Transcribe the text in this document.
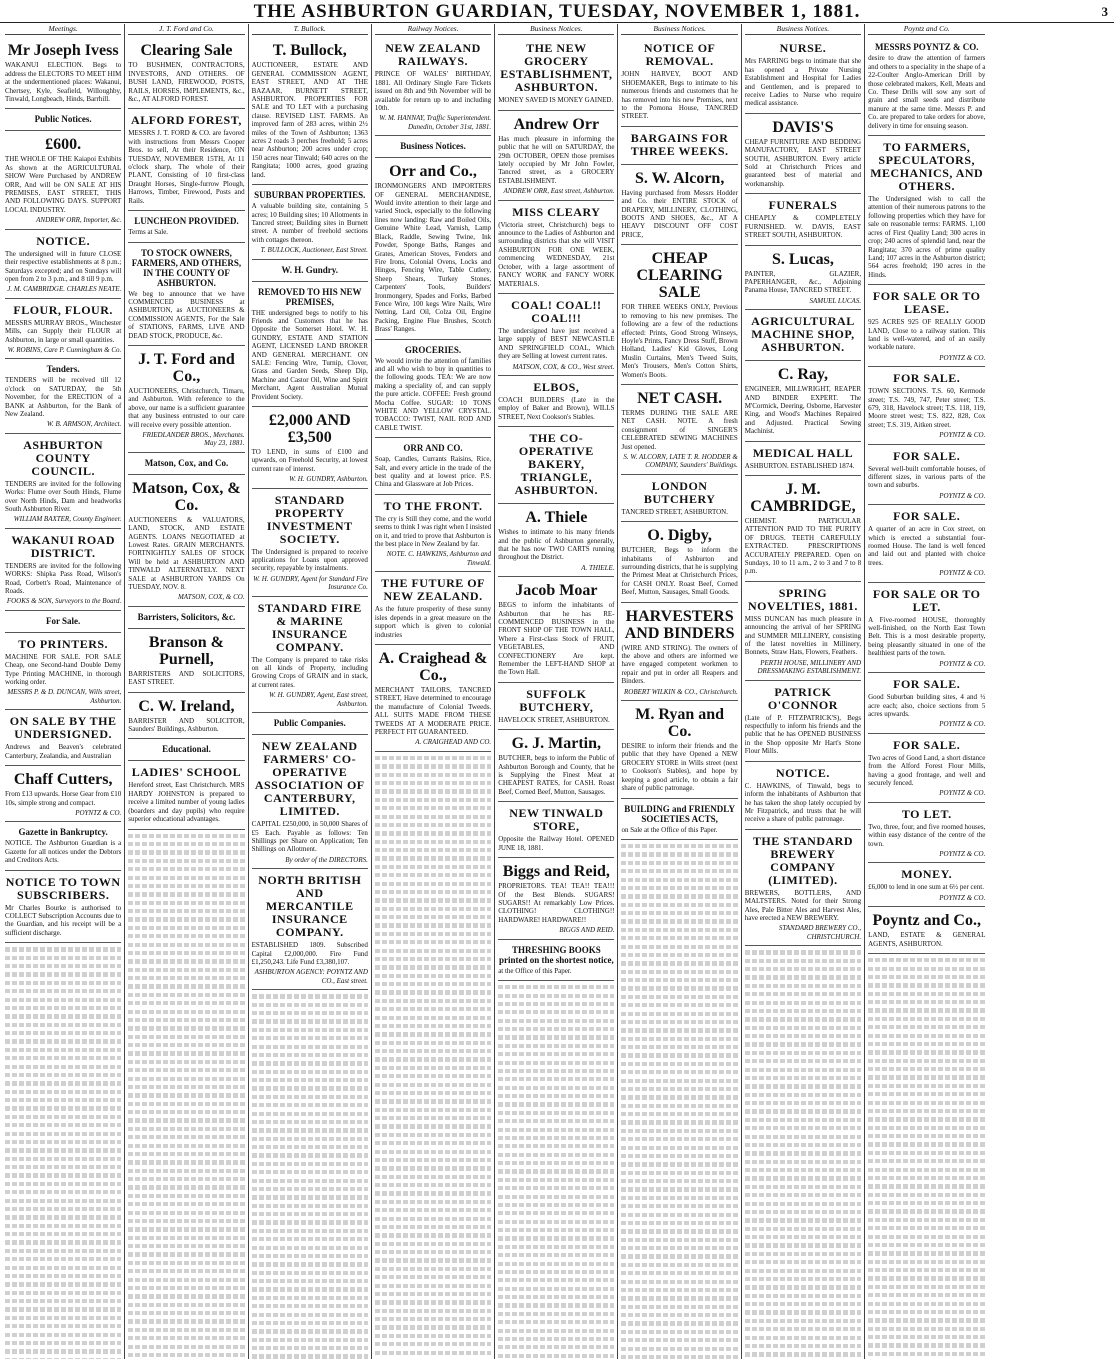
THE ASHBURTON GUARDIAN, TUESDAY, NOVEMBER 1, 1881.	3
Meetings.
Mr Joseph Ivess
WAKANUI ELECTION. Begs to address the ELECTORS TO MEET HIM at the undermentioned places: Wakanui, Chertsey, Kyle, Seafield, Willoughby, Tinwald, Longbeach, Hinds, Barrhill.
Public Notices.
£600.
THE WHOLE OF THE Kaiapoi Exhibits As shown at the AGRICULTURAL SHOW Were Purchased by ANDREW ORR, And will be ON SALE AT HIS PREMISES, EAST STREET, THIS AND FOLLOWING DAYS. SUPPORT LOCAL INDUSTRY.
ANDREW ORR, Importer, &c.
NOTICE.
The undersigned will in future CLOSE their respective establishments at 8 p.m.; Saturdays excepted; and on Sundays will open from 2 to 3 p.m., and 8 till 9 p.m.
J. M. CAMBRIDGE. CHARLES NEATE.
FLOUR, FLOUR.
MESSRS MURRAY BROS., Winchester Mills, can Supply their FLOUR at Ashburton, in large or small quantities.
W. ROBINS, Care P. Cunningham & Co.
Tenders.
TENDERS will be received till 12 o'clock on SATURDAY, the 5th November, for the ERECTION of a BANK at Ashburton, for the Bank of New Zealand.
W. B. ARMSON, Architect.
ASHBURTON COUNTY COUNCIL.
TENDERS are invited for the following Works: Flume over South Hinds, Flume over North Hinds, Dam and headworks South Ashburton River.
WILLIAM BAXTER, County Engineer.
WAKANUI ROAD DISTRICT.
TENDERS are invited for the following WORKS: Shipka Pass Road, Wilson's Road, Corbett's Road, Maintenance of Roads.
FOOKS & SON, Surveyors to the Board.
For Sale.
TO PRINTERS.
MACHINE FOR SALE. FOR SALE Cheap, one Second-hand Double Demy Type Printing MACHINE, in thorough working order.
MESSRS P. & D. DUNCAN, Wills street, Ashburton.
ON SALE BY THE UNDERSIGNED.
Andrews and Beaven's celebrated Canterbury, Zealandia, and Australian
Chaff Cutters,
From £13 upwards. Horse Gear from £10 10s, simple strong and compact.
POYNTZ & CO.
Gazette in Bankruptcy.
NOTICE. The Ashburton Guardian is a Gazette for all notices under the Debtors and Creditors Acts.
NOTICE TO TOWN SUBSCRIBERS.
Mr Charles Bourke is authorised to COLLECT Subscription Accounts due to the Guardian, and his receipt will be a sufficient discharge.
J. T. Ford and Co.
Clearing Sale
TO BUSHMEN, CONTRACTORS, INVESTORS, AND OTHERS. OF BUSH LAND, FIREWOOD, POSTS, RAILS, HORSES, IMPLEMENTS, &c., &c., AT ALFORD FOREST.
ALFORD FOREST,
MESSRS J. T. FORD & CO. are favored with instructions from Messrs Cooper Bros. to sell, At their Residence, ON TUESDAY, NOVEMBER 15TH, At 11 o'clock sharp, The whole of their PLANT, Consisting of 10 first-class Draught Horses, Single-furrow Plough, Harrows, Timber, Firewood, Posts and Rails.
LUNCHEON PROVIDED.
Terms at Sale.
TO STOCK OWNERS, FARMERS, AND OTHERS, IN THE COUNTY OF ASHBURTON.
We beg to announce that we have COMMENCED BUSINESS at ASHBURTON, as AUCTIONEERS & COMMISSION AGENTS, For the Sale of STATIONS, FARMS, LIVE AND DEAD STOCK, PRODUCE, &c.
J. T. Ford and Co.,
AUCTIONEERS, Christchurch, Timaru, and Ashburton. With reference to the above, our name is a sufficient guarantee that any business entrusted to our care will receive every possible attention.
FRIEDLANDER BROS., Merchants. May 23, 1881.
Matson, Cox, and Co.
Matson, Cox, & Co.
AUCTIONEERS & VALUATORS, LAND, STOCK, AND ESTATE AGENTS. LOANS NEGOTIATED at Lowest Rates. GRAIN MERCHANTS. FORTNIGHTLY SALES OF STOCK Will be held at ASHBURTON AND TINWALD ALTERNATELY. NEXT SALE at ASHBURTON YARDS On TUESDAY, NOV. 8.
MATSON, COX, & CO.
Barristers, Solicitors, &c.
Branson & Purnell,
BARRISTERS AND SOLICITORS, EAST STREET.
C. W. Ireland,
BARRISTER AND SOLICITOR, Saunders' Buildings, Ashburton.
Educational.
LADIES' SCHOOL
Hereford street, East Christchurch. MRS HARDY JOHNSTON is prepared to receive a limited number of young ladies (boarders and day pupils) who require superior educational advantages.
T. Bullock.
T. Bullock,
AUCTIONEER, ESTATE AND GENERAL COMMISSION AGENT, EAST STREET, AND AT THE BAZAAR, BURNETT STREET, ASHBURTON. PROPERTIES FOR SALE and TO LET with a purchasing clause. REVISED LIST. FARMS. An improved farm of 283 acres, within 2½ miles of the Town of Ashburton; 1363 acres 2 roads 3 perches freehold; 5 acres near Ashburton; 200 acres under crop; 150 acres near Tinwald; 640 acres on the Rangitata; 1000 acres, good grazing land.
SUBURBAN PROPERTIES.
A valuable building site, containing 5 acres; 10 Building sites; 10 Allotments in Tancred street; Building sites in Burnett street. A number of freehold sections with cottages thereon.
T. BULLOCK, Auctioneer, East Street.
W. H. Gundry.
REMOVED TO HIS NEW PREMISES,
THE undersigned begs to notify to his Friends and Customers that he has Opposite the Somerset Hotel. W. H. GUNDRY, ESTATE AND STATION AGENT, LICENSED LAND BROKER AND GENERAL MERCHANT. ON SALE: Fencing Wire, Turnip, Clover, Grass and Garden Seeds, Sheep Dip, Machine and Castor Oil, Wine and Spirit Merchant, Agent Australian Mutual Provident Society.
£2,000 AND £3,500
TO LEND, in sums of £100 and upwards, on Freehold Security, at lowest current rate of interest.
W. H. GUNDRY, Ashburton.
STANDARD PROPERTY INVESTMENT SOCIETY.
The Undersigned is prepared to receive applications for Loans upon approved security, repayable by instalments.
W. H. GUNDRY, Agent for Standard Fire Insurance Co.
STANDARD FIRE & MARINE INSURANCE COMPANY.
The Company is prepared to take risks on all kinds of Property, including Growing Crops of GRAIN and in stack, at current rates.
W. H. GUNDRY, Agent, East street, Ashburton.
Public Companies.
NEW ZEALAND FARMERS' CO-OPERATIVE ASSOCIATION OF CANTERBURY, LIMITED.
CAPITAL £250,000, in 50,000 Shares of £5 Each. Payable as follows: Ten Shillings per Share on Application; Ten Shillings on Allotment.
By order of the DIRECTORS.
NORTH BRITISH AND MERCANTILE INSURANCE COMPANY.
ESTABLISHED 1809. Subscribed Capital £2,000,000. Fire Fund £1,250,243. Life Fund £3,380,107.
ASHBURTON AGENCY: POYNTZ AND CO., East street.
Railway Notices.
NEW ZEALAND RAILWAYS.
PRINCE OF WALES' BIRTHDAY, 1881. All Ordinary Single Fare Tickets issued on 8th and 9th November will be available for return up to and including 10th.
W. M. HANNAY, Traffic Superintendent. Dunedin, October 31st, 1881.
Business Notices.
Orr and Co.,
IRONMONGERS AND IMPORTERS OF GENERAL MERCHANDISE, Would invite attention to their large and varied Stock, especially to the following lines now landing: Raw and Boiled Oils, Genuine White Lead, Varnish, Lamp Black, Raddle, Sewing Twine, Ink Powder, Sponge Baths, Ranges and Grates, American Stoves, Fenders and Fire Irons, Colonial Ovens, Locks and Hinges, Fencing Wire, Table Cutlery, Sheep Shears, Turkey Stones, Carpenters' Tools, Builders' Ironmongery, Spades and Forks, Barbed Fence Wire, 100 kegs Wire Nails, Wire Netting, Lard Oil, Colza Oil, Engine Packing, Engine Flue Brushes, Scotch Brass' Ranges.
GROCERIES.
We would invite the attention of families and all who wish to buy in quantities to the following goods. TEA: We are now making a speciality of, and can supply the pure article. COFFEE: Fresh ground Mocha Coffee. SUGAR: 10 TONS WHITE AND YELLOW CRYSTAL. TOBACCO: TWIST, NAIL ROD AND CABLE TWIST.
ORR AND CO.
Soap, Candles, Currants Raisins, Rice, Salt, and every article in the trade of the best quality and at lowest price. P.S. China and Glassware at Job Prices.
TO THE FRONT.
The cry is Still they come, and the world seems to think I was right when I insisted on it, and tried to prove that Ashburton is the best place in New Zealand by far.
NOTE. C. HAWKINS, Ashburton and Tinwald.
THE FUTURE OF NEW ZEALAND.
As the future prosperity of these sunny isles depends in a great measure on the support which is given to colonial industries
A. Craighead & Co.,
MERCHANT TAILORS, TANCRED STREET, Have determined to encourage the manufacture of Colonial Tweeds. ALL SUITS MADE FROM THESE TWEEDS AT A MODERATE PRICE. PERFECT FIT GUARANTEED.
A. CRAIGHEAD AND CO.
Business Notices.
THE NEW GROCERY ESTABLISHMENT, ASHBURTON.
MONEY SAVED IS MONEY GAINED.
Andrew Orr
Has much pleasure in informing the public that he will on SATURDAY, the 29th OCTOBER, OPEN those premises lately occupied by Mr John Fowler, Tancred street, as a GROCERY ESTABLISHMENT.
ANDREW ORR, East street, Ashburton.
MISS CLEARY
(Victoria street, Christchurch) begs to announce to the Ladies of Ashburton and surrounding districts that she will VISIT ASHBURTON FOR ONE WEEK, commencing WEDNESDAY, 21st October, with a large assortment of FANCY WORK and FANCY WORK MATERIALS.
COAL! COAL!! COAL!!!
The undersigned have just received a large supply of BEST NEWCASTLE AND SPRINGFIELD COAL, Which they are Selling at lowest current rates.
MATSON, COX, & CO., West street.
ELBOS,
COACH BUILDERS (Late in the employ of Baker and Brown), WILLS STREET, Next Cookson's Stables.
THE CO-OPERATIVE BAKERY, TRIANGLE, ASHBURTON.
A. Thiele
Wishes to intimate to his many friends and the public of Ashburton generally, that he has now TWO CARTS running throughout the District.
A. THIELE.
Jacob Moar
BEGS to inform the inhabitants of Ashburton that he has RE-COMMENCED BUSINESS in the FRONT SHOP OF THE TOWN HALL, Where a First-class Stock of FRUIT, VEGETABLES, AND CONFECTIONERY Are kept. Remember the LEFT-HAND SHOP at the Town Hall.
SUFFOLK BUTCHERY,
HAVELOCK STREET, ASHBURTON.
G. J. Martin,
BUTCHER, begs to inform the Public of Ashburton Borough and County, that he is Supplying the Finest Meat at CHEAPEST RATES, for CASH. Roast Beef, Corned Beef, Mutton, Sausages.
NEW TINWALD STORE,
Opposite the Railway Hotel. OPENED JUNE 18, 1881.
Biggs and Reid,
PROPRIETORS. TEA! TEA!! TEA!!! Of the Best Blends. SUGARS! SUGARS!! At remarkably Low Prices. CLOTHING! CLOTHING!! HARDWARE! HARDWARE!!
BIGGS AND REID.
THRESHING BOOKS printed on the shortest notice,
at the Office of this Paper.
Business Notices.
NOTICE OF REMOVAL.
JOHN HARVEY, BOOT AND SHOEMAKER, Begs to intimate to his numerous friends and customers that he has removed into his new Premises, next to the Pomona House, TANCRED STREET.
BARGAINS FOR THREE WEEKS.
S. W. Alcorn,
Having purchased from Messrs Hodder and Co. their ENTIRE STOCK of DRAPERY, MILLINERY, CLOTHING, BOOTS AND SHOES, &c., AT A HEAVY DISCOUNT OFF COST PRICE,
CHEAP CLEARING SALE
FOR THREE WEEKS ONLY, Previous to removing to his new premises. The following are a few of the reductions effected: Prints, Good Strong Winseys, Hoyle's Prints, Fancy Dress Stuff, Brown Holland, Ladies' Kid Gloves, Long Muslin Curtains, Men's Tweed Suits, Men's Trousers, Men's Cotton Shirts, Women's Boots.
NET CASH.
TERMS DURING THE SALE ARE NET CASH. NOTE. A fresh consignment of SINGER'S CELEBRATED SEWING MACHINES Just opened.
S. W. ALCORN, LATE T. R. HODDER & COMPANY, Saunders' Buildings.
LONDON BUTCHERY
TANCRED STREET, ASHBURTON.
O. Digby,
BUTCHER, Begs to inform the inhabitants of Ashburton and surrounding districts, that he is supplying the Primest Meat at Christchurch Prices, for CASH ONLY. Roast Beef, Corned Beef, Mutton, Sausages, Small Goods.
HARVESTERS AND BINDERS
(WIRE AND STRING). The owners of the above and others are informed we have engaged competent workmen to repair and put in order all Reapers and Binders.
ROBERT WILKIN & CO., Christchurch.
M. Ryan and Co.
DESIRE to inform their friends and the public that they have Opened a NEW GROCERY STORE in Wills street (next to Cookson's Stables), and hope by keeping a good article, to obtain a fair share of public patronage.
BUILDING and FRIENDLY SOCIETIES ACTS,
on Sale at the Office of this Paper.
Business Notices.
NURSE.
Mrs FARRING begs to intimate that she has opened a Private Nursing Establishment and Hospital for Ladies and Gentlemen, and is prepared to receive Ladies to Nurse who require medical assistance.
DAVIS'S
CHEAP FURNITURE AND BEDDING MANUFACTORY, EAST STREET SOUTH, ASHBURTON. Every article Sold at Christchurch Prices and guaranteed best of material and workmanship.
FUNERALS
CHEAPLY & COMPLETELY FURNISHED. W. DAVIS, EAST STREET SOUTH, ASHBURTON.
S. Lucas,
PAINTER, GLAZIER, PAPERHANGER, &c., Adjoining Panama House, TANCRED STREET.
SAMUEL LUCAS.
AGRICULTURAL MACHINE SHOP, ASHBURTON.
C. Ray,
ENGINEER, MILLWRIGHT, REAPER AND BINDER EXPERT. The M'Cormick, Deering, Osborne, Harvester King, and Wood's Machines Repaired and Adjusted. Practical Sewing Machinist.
MEDICAL HALL
ASHBURTON. ESTABLISHED 1874.
J. M. CAMBRIDGE,
CHEMIST. PARTICULAR ATTENTION PAID TO THE PURITY OF DRUGS. TEETH CAREFULLY EXTRACTED. PRESCRIPTIONS ACCURATELY PREPARED. Open on Sundays, 10 to 11 a.m., 2 to 3 and 7 to 8 p.m.
SPRING NOVELTIES, 1881.
MISS DUNCAN has much pleasure in announcing the arrival of her SPRING and SUMMER MILLINERY, consisting of the latest novelties in Millinery, Bonnets, Straw Hats, Flowers, Feathers.
PERTH HOUSE, MILLINERY AND DRESSMAKING ESTABLISHMENT.
PATRICK O'CONNOR
(Late of P. FITZPATRICK'S), Begs respectfully to inform his friends and the public that he has OPENED BUSINESS in the Shop opposite Mr Hart's Stone Flour Mills.
NOTICE.
C. HAWKINS, of Tinwald, begs to inform the inhabitants of Ashburton that he has taken the shop lately occupied by Mr Fitzpatrick, and trusts that he will receive a share of public patronage.
THE STANDARD BREWERY COMPANY (LIMITED).
BREWERS, BOTTLERS, AND MALTSTERS. Noted for their Strong Ales, Pale Bitter Ales and Harvest Ales, have erected a NEW BREWERY.
STANDARD BREWERY CO., CHRISTCHURCH.
Poyntz and Co.
MESSRS POYNTZ & CO.
desire to draw the attention of farmers and others to a speciality in the shape of a 22-Coulter Anglo-American Drill by those celebrated makers, Kell, Meats and Co. These Drills will sow any sort of grain and small seeds and distribute manure at the same time. Messrs P. and Co. are prepared to take orders for above, delivery in time for ensuing season.
TO FARMERS, SPECULATORS, MECHANICS, AND OTHERS.
The Undersigned wish to call the attention of their numerous patrons to the following properties which they have for sale on reasonable terms: FARMS. 1,100 acres of First Quality Land; 300 acres in crop; 240 acres of splendid land, near the Rangitata; 370 acres of prime quality Land; 107 acres in the Ashburton district; 564 acres freehold; 190 acres in the Hinds.
FOR SALE OR TO LEASE.
925 ACRES 925 OF REALLY GOOD LAND, Close to a railway station. This land is well-watered, and of an easily workable nature.
POYNTZ & CO.
FOR SALE.
TOWN SECTIONS. T.S. 60, Kermode street; T.S. 749, 747, Peter street; T.S. 679, 318, Havelock street; T.S. 118, 119, Moore street west; T.S. 822, 828, Cox street; T.S. 319, Aitken street.
POYNTZ & CO.
FOR SALE.
Several well-built comfortable houses, of different sizes, in various parts of the town and suburbs.
POYNTZ & CO.
FOR SALE.
A quarter of an acre in Cox street, on which is erected a substantial four-roomed House. The land is well fenced and laid out and planted with choice trees.
POYNTZ & CO.
FOR SALE OR TO LET.
A Five-roomed HOUSE, thoroughly well-finished, on the North East Town Belt. This is a most desirable property, being pleasantly situated in one of the healthiest parts of the town.
POYNTZ & CO.
FOR SALE.
Good Suburban building sites, 4 and ½ acre each; also, choice sections from 5 acres upwards.
POYNTZ & CO.
FOR SALE.
Two acres of Good Land, a short distance from the Alford Forest Flour Mills, having a good frontage, and well and securely fenced.
POYNTZ & CO.
TO LET.
Two, three, four, and five roomed houses, within easy distance of the centre of the town.
POYNTZ & CO.
MONEY.
£6,000 to lend in one sum at 6½ per cent.
POYNTZ & CO.
Poyntz and Co.,
LAND, ESTATE & GENERAL AGENTS, ASHBURTON.
